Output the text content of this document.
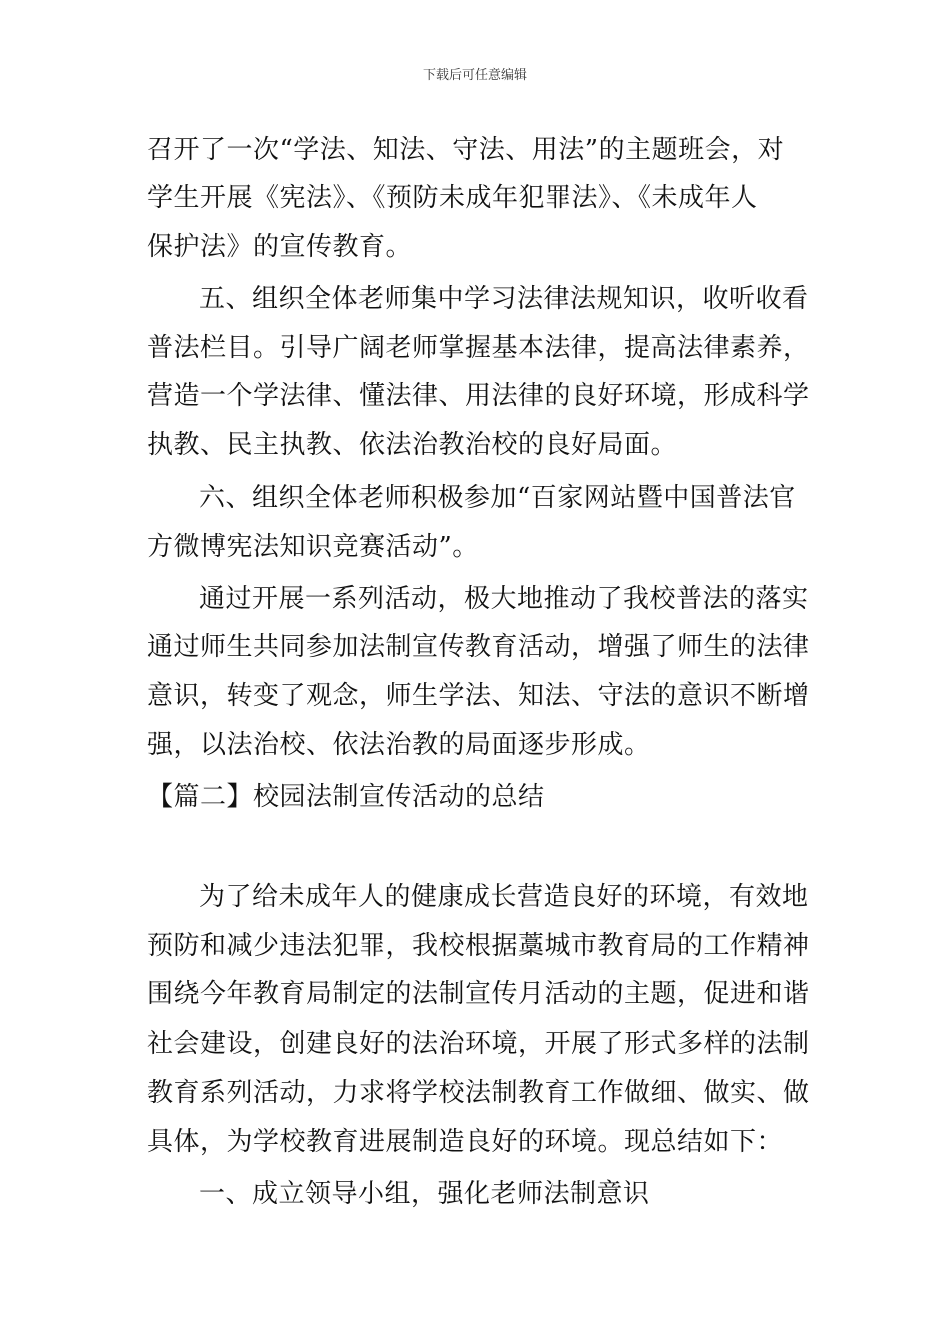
下载后可任意编辑
召开了一次“学法、知法、守法、用法”的主题班会，对
学生开展《宪法》、《预防未成年犯罪法》、《未成年人
保护法》的宣传教育。
五、组织全体老师集中学习法律法规知识，收听收看
普法栏目。引导广阔老师掌握基本法律，提高法律素养，
营造一个学法律、懂法律、用法律的良好环境，形成科学
执教、民主执教、依法治教治校的良好局面。
六、组织全体老师积极参加“百家网站暨中国普法官
方微博宪法知识竞赛活动”。
通过开展一系列活动，极大地推动了我校普法的落实
通过师生共同参加法制宣传教育活动，增强了师生的法律
意识，转变了观念，师生学法、知法、守法的意识不断增
强，以法治校、依法治教的局面逐步形成。
【篇二】校园法制宣传活动的总结
为了给未成年人的健康成长营造良好的环境，有效地
预防和减少违法犯罪，我校根据藁城市教育局的工作精神
围绕今年教育局制定的法制宣传月活动的主题，促进和谐
社会建设，创建良好的法治环境，开展了形式多样的法制
教育系列活动，力求将学校法制教育工作做细、做实、做
具体，为学校教育进展制造良好的环境。现总结如下：
一、成立领导小组，强化老师法制意识
